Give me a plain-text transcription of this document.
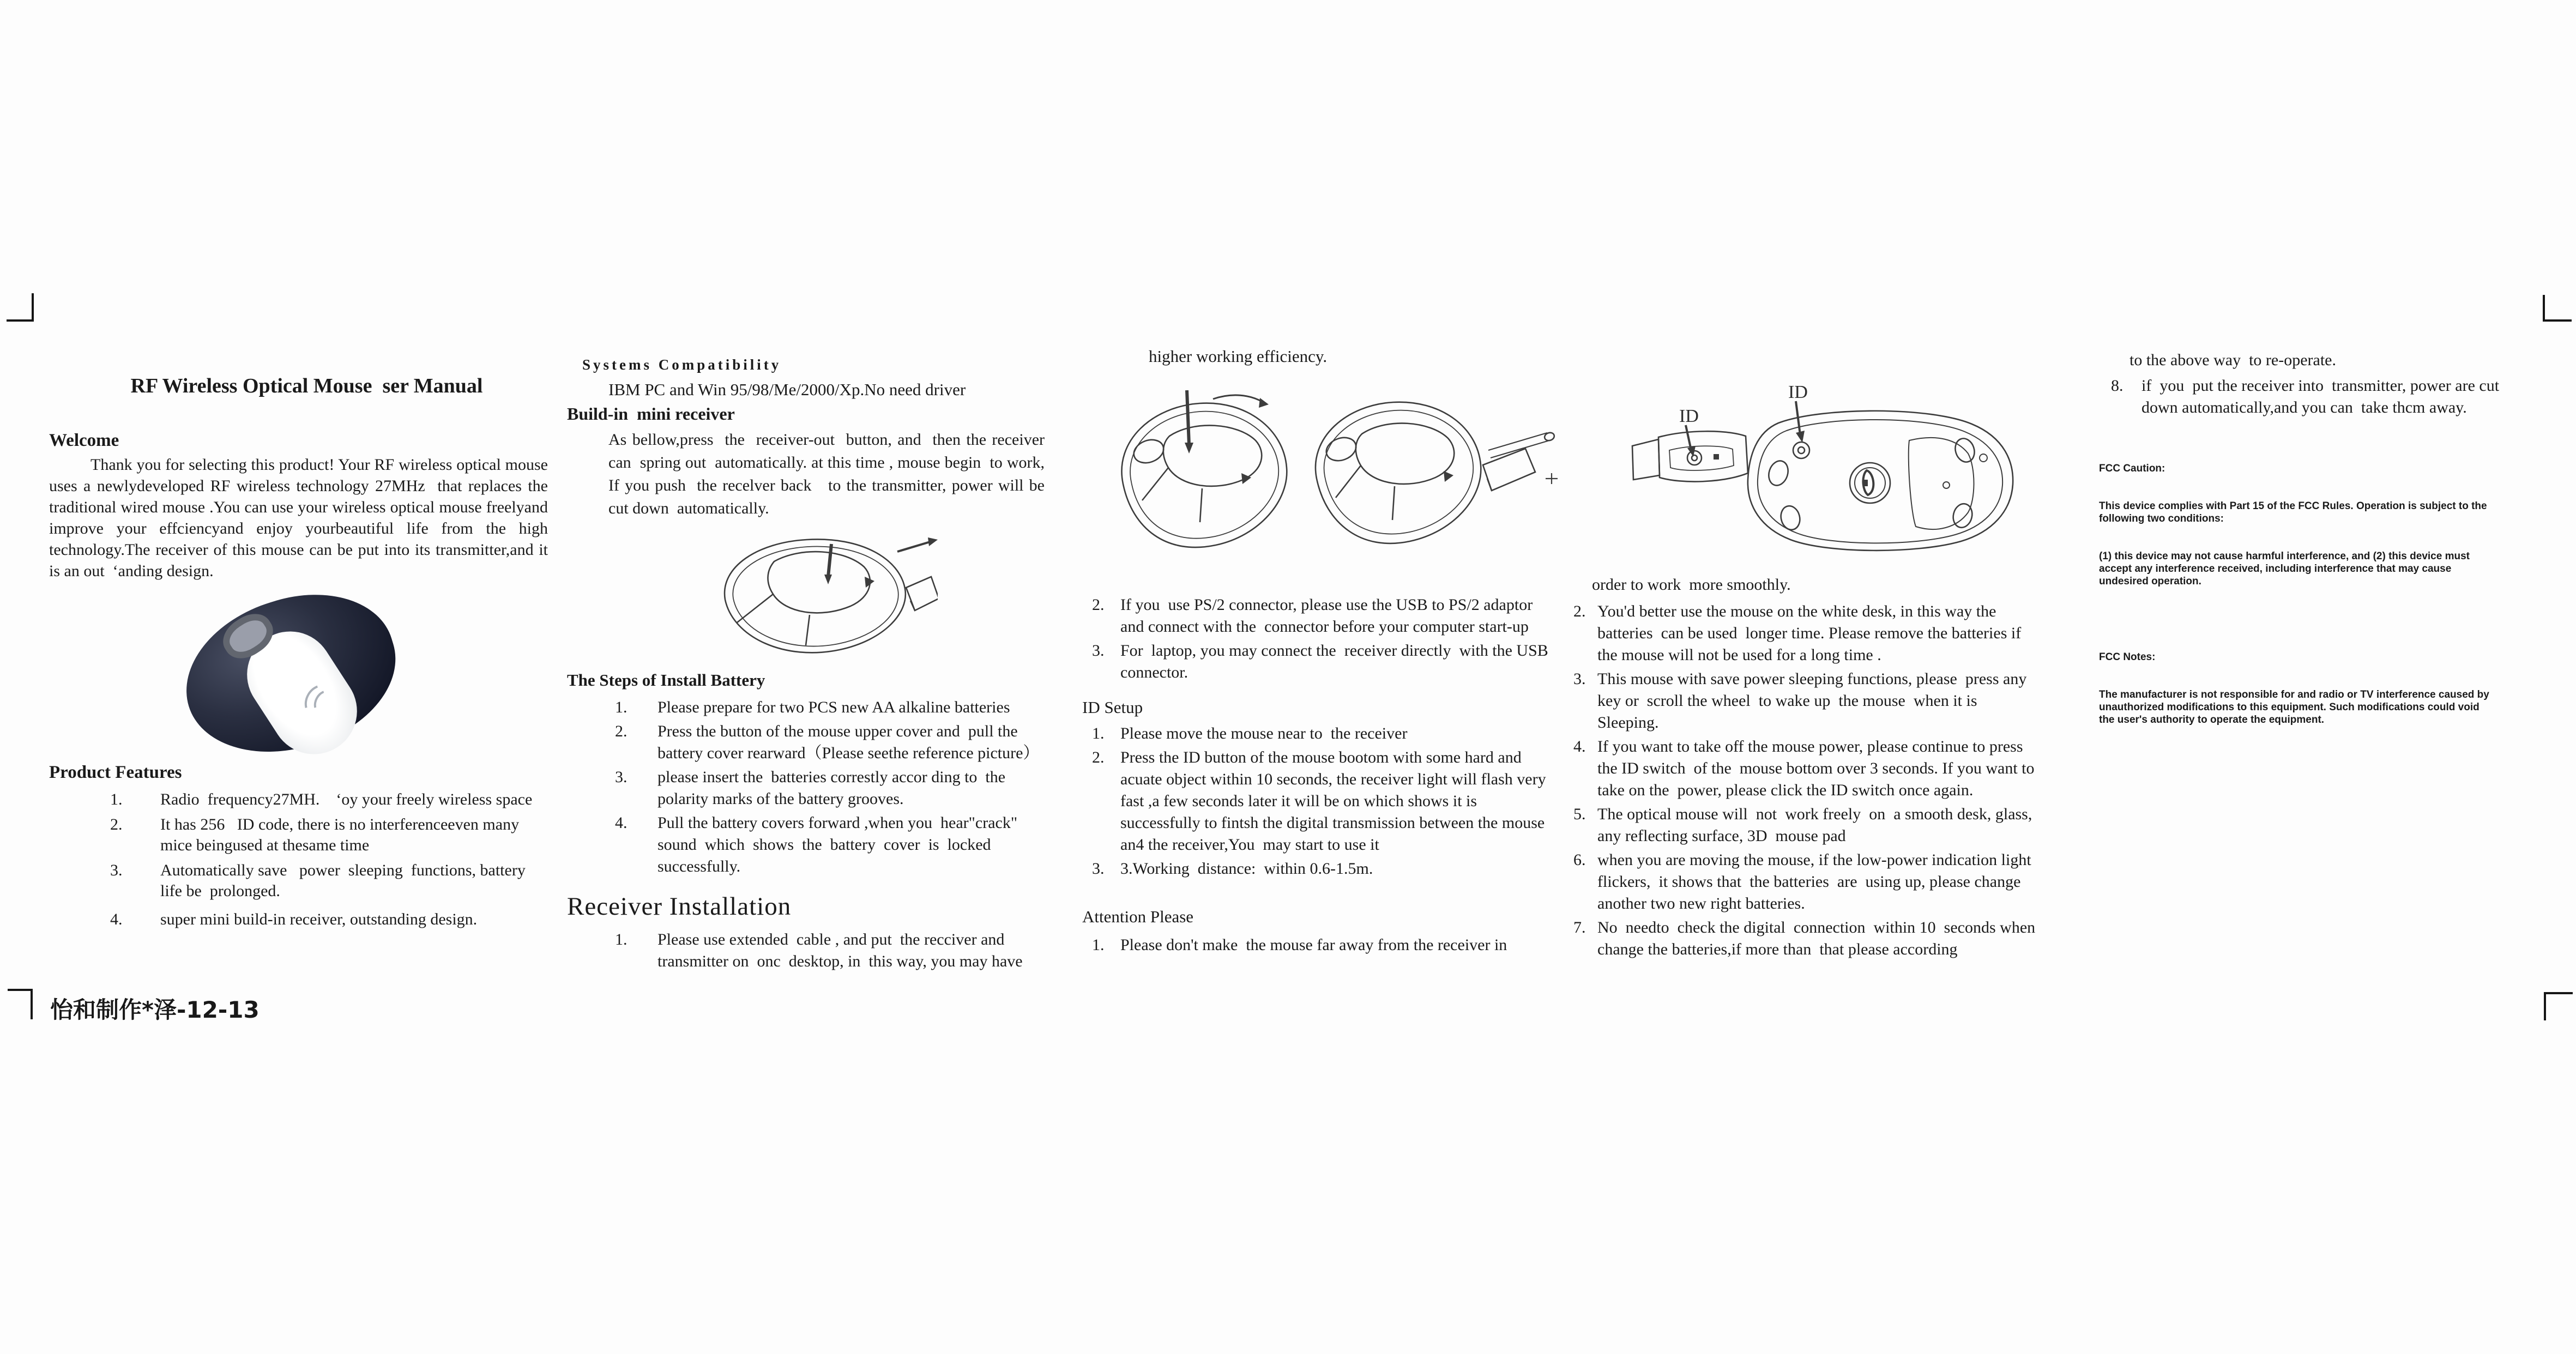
RF Wireless Optical Mouse  ser Manual
Welcome

Thank you for selecting this product! Your RF wireless optical mouse uses a newlydeveloped RF wireless technology 27MHz  that replaces the traditional wired mouse .You can use your wireless optical mouse freelyand improve your effciencyand enjoy yourbeautiful life from the high technology.The receiver of this mouse can be put into its transmitter,and it is an out  ʻanding design.

Product Features
1.	Radio  frequency27MH.    ʻoy your freely wireless space
2.	It has 256   ID code, there is no interferenceeven many mice beingused at thesame time
3.	Automatically save   power  sleeping  functions, battery life be  prolonged.
4.	super mini build-in receiver, outstanding design.
Systems Compatibility
IBM PC and Win 95/98/Me/2000/Xp.No need driver
Build-in  mini receiver

As bellow,press  the  receiver-out  button, and  then the receiver can  spring out  automatically. at this time , mouse begin  to work,  If you push  the recelver back   to the transmitter, power will be cut down  automatically.

The Steps of Install Battery
1.	Please prepare for two PCS new AA alkaline batteries
2.	Press the button of the mouse upper cover and  pull the battery cover rearward（Please seethe reference picture）
3.	please insert the  batteries correstly accor ding to  the polarity marks of the battery grooves.
4.	Pull the battery covers forward ,when you  hear"crack" sound  which  shows  the  battery  cover  is  locked successfully.
Receiver Installation
1.	Please use extended  cable , and put  the recciver and transmitter on  onc  desktop, in  this way, you may have
higher working efficiency.
2. If you  use PS/2 connector, please use the USB to PS/2 adaptor  and connect with the  connector before your computer start-up
3. For  laptop, you may connect the  receiver directly  with the USB connector.
ID Setup
1. Please move the mouse near to  the receiver
2. Press the ID button of the mouse bootom with some hard and acuate object within 10 seconds, the receiver light will flash very fast ,a few seconds later it will be on which shows it is successfully to fintsh the digital transmission between the mouse an4 the receiver,You  may start to use it
3. 3.Working  distance:  within 0.6-1.5m.
Attention Please
1. Please don't make  the mouse far away from the receiver in
ID
ID
order to work  more smoothly.
2. You'd better use the mouse on the white desk, in this way the batteries  can be used  longer time. Please remove the batteries if the mouse will not be used for a long time .
3. This mouse with save power sleeping functions, please  press any key or  scroll the wheel  to wake up  the mouse  when it is Sleeping.
4. If you want to take off the mouse power, please continue to press the ID switch  of the  mouse bottom over 3 seconds. If you want to take on the  power, please click the ID switch once again.
5. The optical mouse will  not  work freely  on  a smooth desk, glass, any reflecting surface, 3D  mouse pad
6. when you are moving the mouse, if the low-power indication light flickers,  it shows that  the batteries  are  using up, please change another two new right batteries.
7. No  needto  check the digital  connection  within 10  seconds when change the batteries,if more than  that please according
to the above way  to re-operate.
8.	if  you  put the receiver into  transmitter, power are cut down automatically,and you can  take thcm away.

FCC Caution:

This device complies with Part 15 of the FCC Rules. Operation is subject to the following two conditions:

(1) this device may not cause harmful interference, and (2) this device must accept any interference received, including interference that may cause undesired operation.

FCC Notes:

The manufacturer is not responsible for and radio or TV interference caused by unauthorized modifications to this equipment. Such modifications could void the user's authority to operate the equipment.

怡和制作*泽-12-13
